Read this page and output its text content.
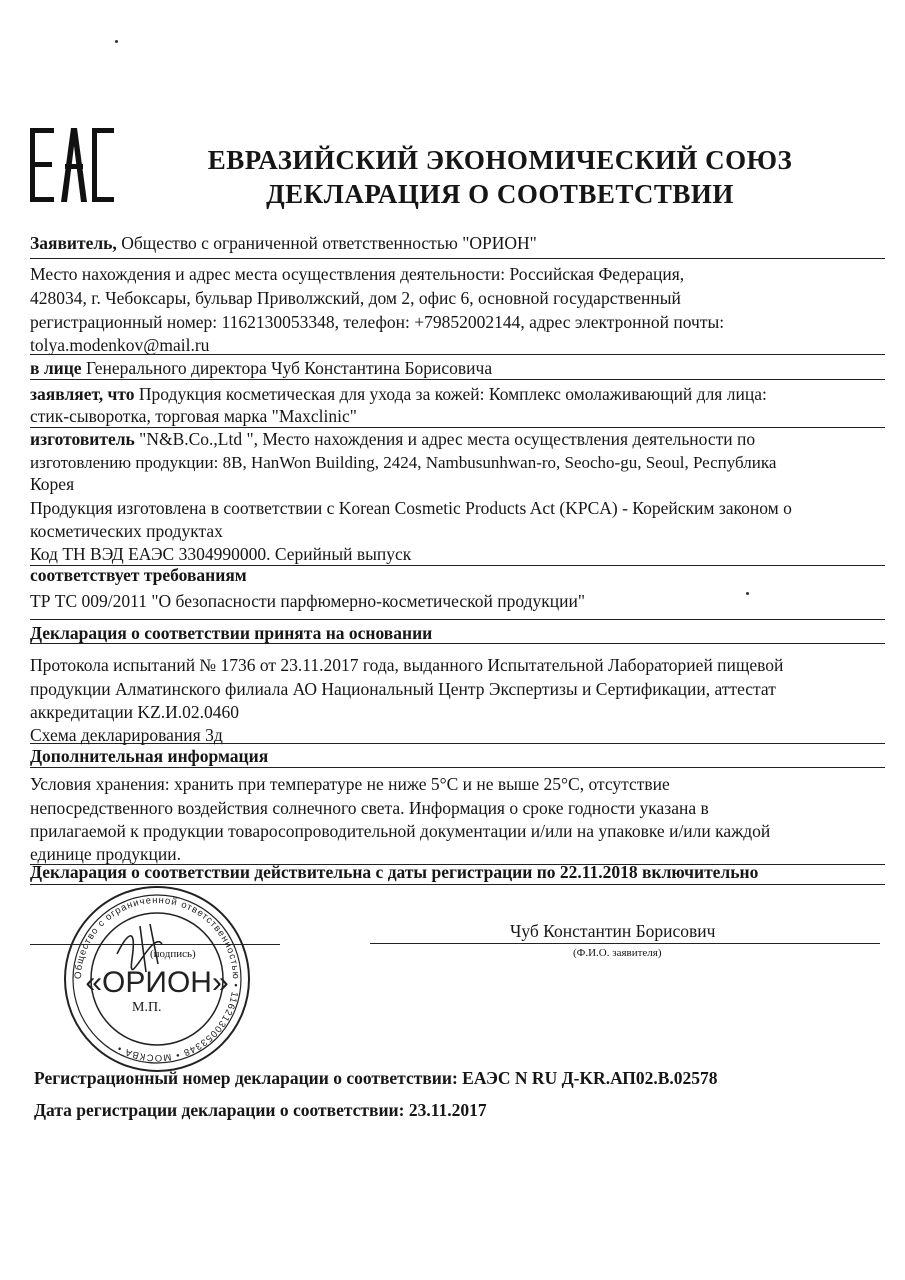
ЕВРАЗИЙСКИЙ ЭКОНОМИЧЕСКИЙ СОЮЗ
ДЕКЛАРАЦИЯ О СООТВЕТСТВИИ
Заявитель, Общество с ограниченной ответственностью "ОРИОН"
Место нахождения и адрес места осуществления деятельности: Российская Федерация,
428034, г. Чебоксары, бульвар Приволжский, дом 2, офис 6, основной государственный
регистрационный номер: 1162130053348, телефон: +79852002144, адрес электронной почты:
tolya.modenkov@mail.ru
в лице Генерального директора Чуб Константина Борисовича
заявляет, что Продукция косметическая для ухода за кожей: Комплекс омолаживающий для лица:
стик-сыворотка, торговая марка "Maxclinic"
изготовитель "N&B.Co.,Ltd ", Место нахождения и адрес места осуществления деятельности по
изготовлению продукции: 8B, HanWon Building, 2424, Nambusunhwan-ro, Seocho-gu, Seoul, Республика
Корея
Продукция изготовлена в соответствии с Korean Cosmetic Products Act (KPCA) - Корейским законом о
косметических продуктах
Код ТН ВЭД ЕАЭС 3304990000. Серийный выпуск
соответствует требованиям
ТР ТС 009/2011 "О безопасности парфюмерно-косметической продукции"
Декларация о соответствии принята на основании
Протокола испытаний № 1736 от 23.11.2017 года, выданного Испытательной Лабораторией пищевой
продукции Алматинского филиала АО Национальный Центр Экспертизы и Сертификации, аттестат
аккредитации KZ.И.02.0460
Схема декларирования 3д
Дополнительная информация
Условия хранения: хранить при температуре не ниже 5°С и не выше 25°С, отсутствие
непосредственного воздействия солнечного света. Информация о сроке годности указана в
прилагаемой к продукции товаросопроводительной документации и/или на упаковке и/или каждой
единице продукции.
Декларация о соответствии действительна с даты регистрации по 22.11.2018 включительно
(подпись)
Чуб Константин Борисович
(Ф.И.О. заявителя)
Общество с ограниченной ответственностью • 1162130053348 • МОСКВА •
«ОРИОН»
М.П.
Регистрационный номер декларации о соответствии: ЕАЭС N RU Д-KR.АП02.В.02578
Дата регистрации декларации о соответствии: 23.11.2017
